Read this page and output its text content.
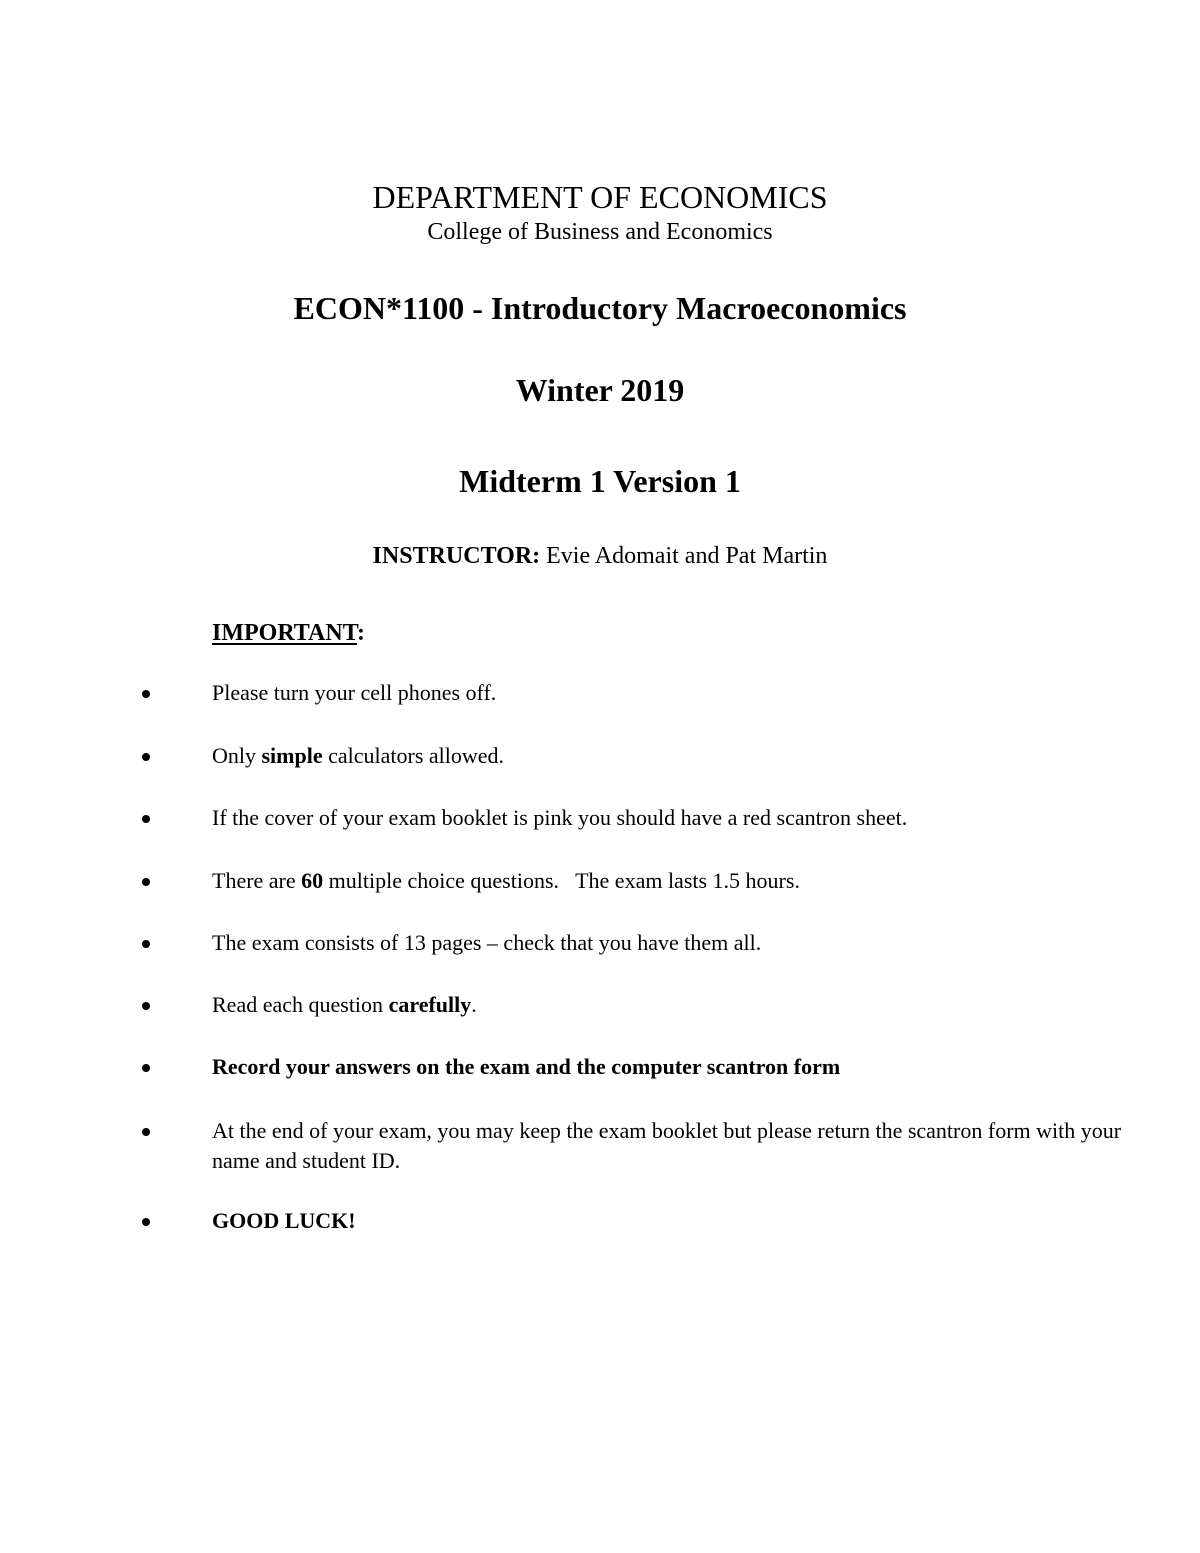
DEPARTMENT OF ECONOMICS
College of Business and Economics
ECON*1100 - Introductory Macroeconomics
Winter 2019
Midterm 1 Version 1
INSTRUCTOR: Evie Adomait and Pat Martin
IMPORTANT:
Please turn your cell phones off.
Only simple calculators allowed.
If the cover of your exam booklet is pink you should have a red scantron sheet.
There are 60 multiple choice questions.   The exam lasts 1.5 hours.
The exam consists of 13 pages – check that you have them all.
Read each question carefully.
Record your answers on the exam and the computer scantron form
At the end of your exam, you may keep the exam booklet but please return the scantron form with your name and student ID.
GOOD LUCK!
